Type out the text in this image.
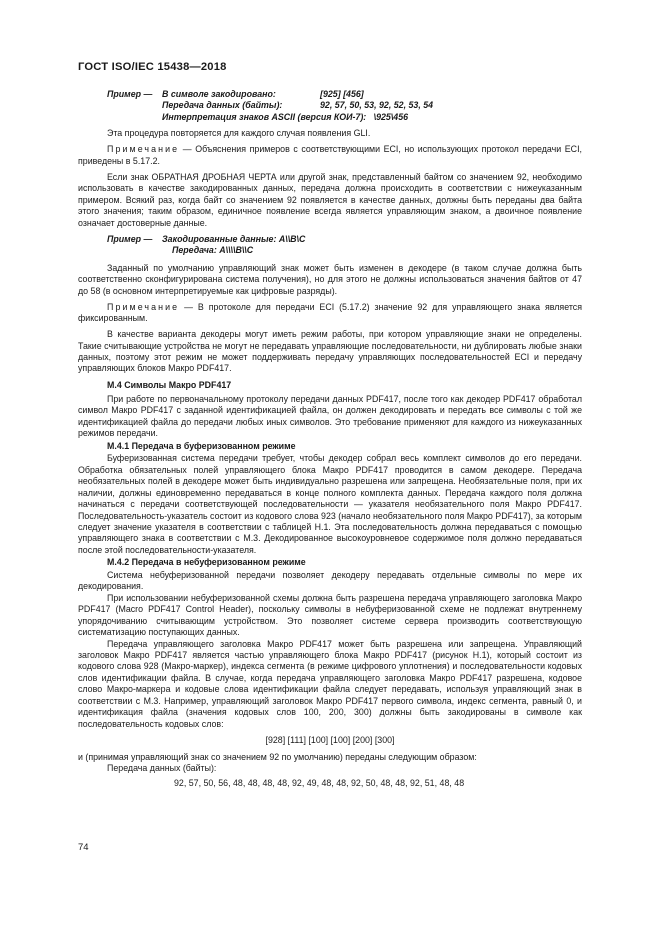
ГОСТ ISO/IEC 15438—2018
Пример —	В символе закодировано:	[925] [456]
Передача данных (байты):	92, 57, 50, 53, 92, 52, 53, 54
Интерпретация знаков ASCII (версия КОИ-7): \925\456

Эта процедура повторяется для каждого случая появления GLI.

Примечание — Объяснения примеров с соответствующими ECI, но использующих протокол передачи ECI, приведены в 5.17.2.

Если знак ОБРАТНАЯ ДРОБНАЯ ЧЕРТА или другой знак, представленный байтом со значением 92, необходимо использовать в качестве закодированных данных, передача должна происходить в соответствии с нижеуказанным примером. Всякий раз, когда байт со значением 92 появляется в качестве данных, должны быть переданы два байта этого значения; таким образом, единичное появление всегда является управляющим знаком, а двоичное появление означает достоверные данные.

Пример —	Закодированные данные: A\\B\C
Передача: A\\\\B\\C

Заданный по умолчанию управляющий знак может быть изменен в декодере (в таком случае должна быть соответственно сконфигурирована система получения), но для этого не должны использоваться значения байтов от 47 до 58 (в основном интерпретируемые как цифровые разряды).

Примечание — В протоколе для передачи ECI (5.17.2) значение 92 для управляющего знака является фиксированным.

В качестве варианта декодеры могут иметь режим работы, при котором управляющие знаки не определены. Такие считывающие устройства не могут не передавать управляющие последовательности, ни дублировать любые знаки данных, поэтому этот режим не может поддерживать передачу управляющих последовательностей ECI и передачу управляющих блоков Макро PDF417.

М.4 Символы Макро PDF417

При работе по первоначальному протоколу передачи данных PDF417, после того как декодер PDF417 обработал символ Макро PDF417 с заданной идентификацией файла, он должен декодировать и передать все символы с той же идентификацией файла до передачи любых иных символов. Это требование применяют для каждого из нижеуказанных режимов передачи.

М.4.1 Передача в буферизованном режиме

Буферизованная система передачи требует, чтобы декодер собрал весь комплект символов до его передачи. Обработка обязательных полей управляющего блока Макро PDF417 проводится в самом декодере. Передача необязательных полей в декодере может быть индивидуально разрешена или запрещена. Необязательные поля, при их наличии, должны единовременно передаваться в конце полного комплекта данных. Передача каждого поля должна начинаться с передачи соответствующей последовательности — указателя необязательного поля Макро PDF417. Последовательность-указатель состоит из кодового слова 923 (начало необязательного поля Макро PDF417), за которым следует значение указателя в соответствии с таблицей Н.1. Эта последовательность должна передаваться с помощью управляющего знака в соответствии с М.3. Декодированное высокоуровневое содержимое поля должно передаваться после этой последовательности-указателя.

М.4.2 Передача в небуферизованном режиме

Система небуферизованной передачи позволяет декодеру передавать отдельные символы по мере их декодирования.

При использовании небуферизованной схемы должна быть разрешена передача управляющего заголовка Макро PDF417 (Macro PDF417 Control Header), поскольку символы в небуферизованной схеме не подлежат внутреннему упорядочиванию считывающим устройством. Это позволяет системе сервера производить соответствующую систематизацию поступающих данных.

Передача управляющего заголовка Макро PDF417 может быть разрешена или запрещена. Управляющий заголовок Макро PDF417 является частью управляющего блока Макро PDF417 (рисунок Н.1), который состоит из кодового слова 928 (Макро-маркер), индекса сегмента (в режиме цифрового уплотнения) и последовательности кодовых слов идентификации файла. В случае, когда передача управляющего заголовка Макро PDF417 разрешена, кодовое слово Макро-маркера и кодовые слова идентификации файла следует передавать, используя управляющий знак в соответствии с М.3. Например, управляющий заголовок Макро PDF417 первого символа, индекс сегмента, равный 0, и идентификация файла (значения кодовых слов 100, 200, 300) должны быть закодированы в символе как последовательность кодовых слов:

[928] [111] [100] [100] [200] [300]

и (принимая управляющий знак со значением 92 по умолчанию) переданы следующим образом:

Передача данных (байты):

92, 57, 50, 56, 48, 48, 48, 48, 92, 49, 48, 48, 92, 50, 48, 48, 92, 51, 48, 48
74
